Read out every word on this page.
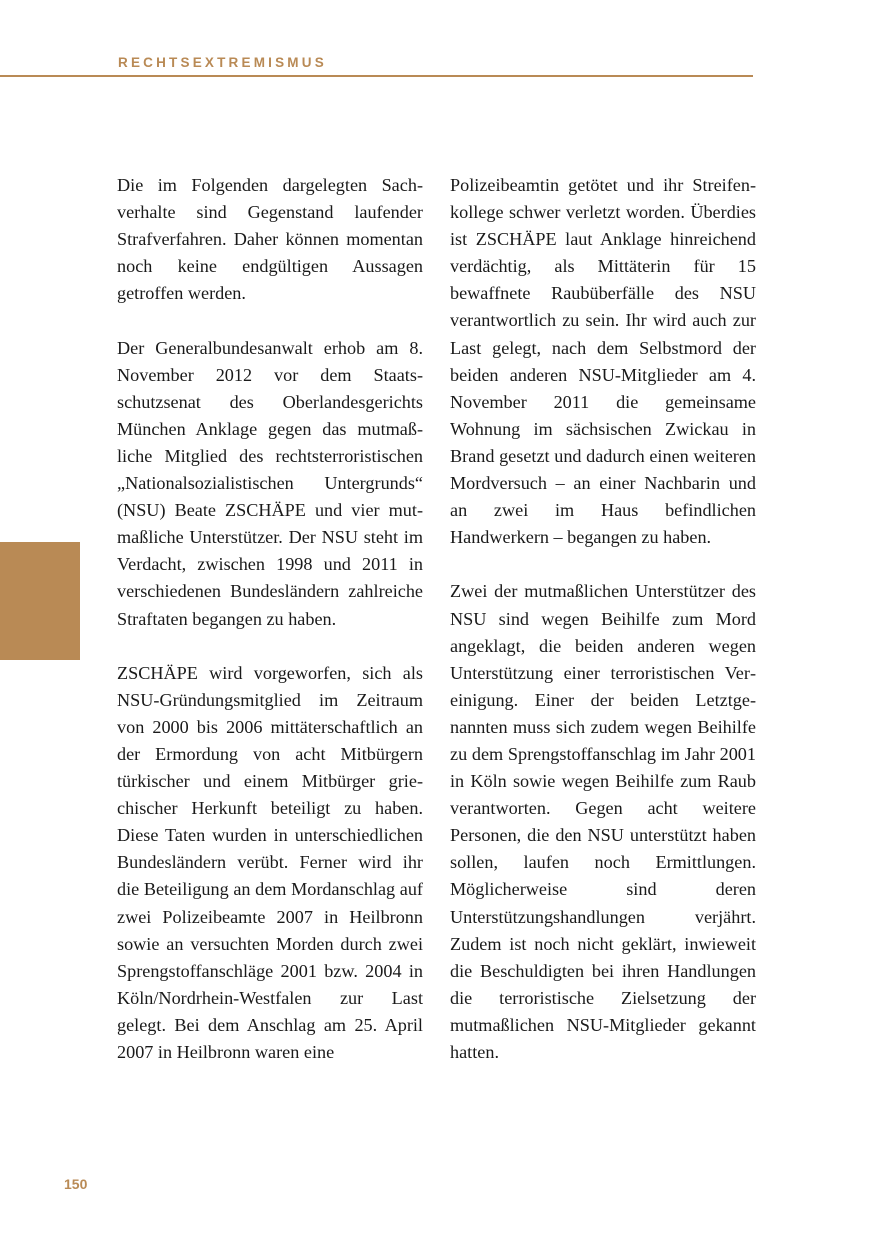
RECHTSEXTREMISMUS

Die im Folgenden dargelegten Sachverhalte sind Gegenstand laufender Strafverfahren. Daher können momentan noch keine endgültigen Aussagen getroffen werden.

Der Generalbundesanwalt erhob am 8. November 2012 vor dem Staatsschutzsenat des Oberlandesgerichts München Anklage gegen das mutmaßliche Mitglied des rechtsterroristischen „Nationalsozialistischen Untergrunds“ (NSU) Beate ZSCHÄPE und vier mutmaßliche Unterstützer. Der NSU steht im Verdacht, zwischen 1998 und 2011 in verschiedenen Bundesländern zahlreiche Straftaten begangen zu haben.

ZSCHÄPE wird vorgeworfen, sich als NSU-Gründungsmitglied im Zeitraum von 2000 bis 2006 mittäterschaftlich an der Ermordung von acht Mitbürgern türkischer und einem Mitbürger griechischer Herkunft beteiligt zu haben. Diese Taten wurden in unterschiedlichen Bundesländern verübt. Ferner wird ihr die Beteiligung an dem Mordanschlag auf zwei Polizeibeamte 2007 in Heilbronn sowie an versuchten Morden durch zwei Sprengstoffanschläge 2001 bzw. 2004 in Köln/Nordrhein-Westfalen zur Last gelegt. Bei dem Anschlag am 25. April 2007 in Heilbronn waren eine

Polizeibeamtin getötet und ihr Streifenkollege schwer verletzt worden. Überdies ist ZSCHÄPE laut Anklage hinreichend verdächtig, als Mittäterin für 15 bewaffnete Raubüberfälle des NSU verantwortlich zu sein. Ihr wird auch zur Last gelegt, nach dem Selbstmord der beiden anderen NSU-Mitglieder am 4. November 2011 die gemeinsame Wohnung im sächsischen Zwickau in Brand gesetzt und dadurch einen weiteren Mordversuch – an einer Nachbarin und an zwei im Haus befindlichen Handwerkern – begangen zu haben.

Zwei der mutmaßlichen Unterstützer des NSU sind wegen Beihilfe zum Mord angeklagt, die beiden anderen wegen Unterstützung einer terroristischen Vereinigung. Einer der beiden Letztgenannten muss sich zudem wegen Beihilfe zu dem Sprengstoffanschlag im Jahr 2001 in Köln sowie wegen Beihilfe zum Raub verantworten. Gegen acht weitere Personen, die den NSU unterstützt haben sollen, laufen noch Ermittlungen. Möglicherweise sind deren Unterstützungshandlungen verjährt. Zudem ist noch nicht geklärt, inwieweit die Beschuldigten bei ihren Handlungen die terroristische Zielsetzung der mutmaßlichen NSU-Mitglieder gekannt hatten.

150
